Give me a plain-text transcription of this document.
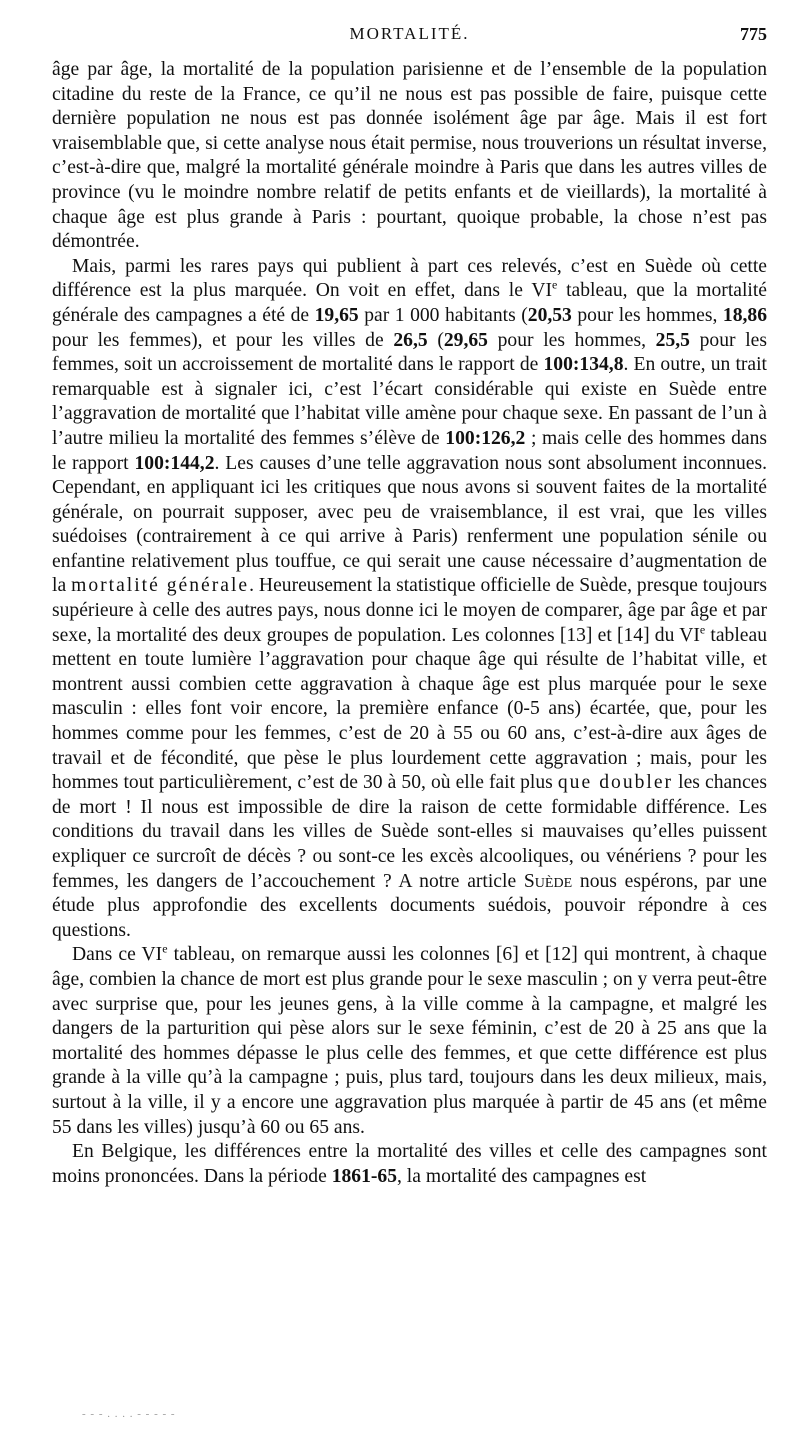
MORTALITÉ.	775

âge par âge, la mortalité de la population parisienne et de l’ensemble de la population citadine du reste de la France, ce qu’il ne nous est pas possible de faire, puisque cette dernière population ne nous est pas donnée isolément âge par âge. Mais il est fort vraisemblable que, si cette analyse nous était permise, nous trouverions un résultat inverse, c’est-à-dire que, malgré la mortalité générale moindre à Paris que dans les autres villes de province (vu le moindre nombre relatif de petits enfants et de vieillards), la mortalité à chaque âge est plus grande à Paris : pourtant, quoique probable, la chose n’est pas démontrée.

Mais, parmi les rares pays qui publient à part ces relevés, c’est en Suède où cette différence est la plus marquée. On voit en effet, dans le VIe tableau, que la mortalité générale des campagnes a été de 19,65 par 1 000 habitants (20,53 pour les hommes, 18,86 pour les femmes), et pour les villes de 26,5 (29,65 pour les hommes, 25,5 pour les femmes, soit un accroissement de mortalité dans le rapport de 100:134,8. En outre, un trait remarquable est à signaler ici, c’est l’écart considérable qui existe en Suède entre l’aggravation de mortalité que l’habitat ville amène pour chaque sexe. En passant de l’un à l’autre milieu la mortalité des femmes s’élève de 100:126,2 ; mais celle des hommes dans le rapport 100:144,2. Les causes d’une telle aggravation nous sont absolument inconnues. Cependant, en appliquant ici les critiques que nous avons si souvent faites de la mortalité générale, on pourrait supposer, avec peu de vraisemblance, il est vrai, que les villes suédoises (contrairement à ce qui arrive à Paris) renferment une population sénile ou enfantine relativement plus touffue, ce qui serait une cause nécessaire d’augmentation de la mortalité générale. Heureusement la statistique officielle de Suède, presque toujours supérieure à celle des autres pays, nous donne ici le moyen de comparer, âge par âge et par sexe, la mortalité des deux groupes de population. Les colonnes [13] et [14] du VIe tableau mettent en toute lumière l’aggravation pour chaque âge qui résulte de l’habitat ville, et montrent aussi combien cette aggravation à chaque âge est plus marquée pour le sexe masculin : elles font voir encore, la première enfance (0-5 ans) écartée, que, pour les hommes comme pour les femmes, c’est de 20 à 55 ou 60 ans, c’est-à-dire aux âges de travail et de fécondité, que pèse le plus lourdement cette aggravation ; mais, pour les hommes tout particulièrement, c’est de 30 à 50, où elle fait plus que doubler les chances de mort ! Il nous est impossible de dire la raison de cette formidable différence. Les conditions du travail dans les villes de Suède sont-elles si mauvaises qu’elles puissent expliquer ce surcroît de décès ? ou sont-ce les excès alcooliques, ou vénériens ? pour les femmes, les dangers de l’accouchement ? A notre article Suède nous espérons, par une étude plus approfondie des excellents documents suédois, pouvoir répondre à ces questions.

Dans ce VIe tableau, on remarque aussi les colonnes [6] et [12] qui montrent, à chaque âge, combien la chance de mort est plus grande pour le sexe masculin ; on y verra peut-être avec surprise que, pour les jeunes gens, à la ville comme à la campagne, et malgré les dangers de la parturition qui pèse alors sur le sexe féminin, c’est de 20 à 25 ans que la mortalité des hommes dépasse le plus celle des femmes, et que cette différence est plus grande à la ville qu’à la campagne ; puis, plus tard, toujours dans les deux milieux, mais, surtout à la ville, il y a encore une aggravation plus marquée à partir de 45 ans (et même 55 dans les villes) jusqu’à 60 ou 65 ans.

En Belgique, les différences entre la mortalité des villes et celle des campagnes sont moins prononcées. Dans la période 1861-65, la mortalité des campagnes est

- - - . . . . - - - - -
